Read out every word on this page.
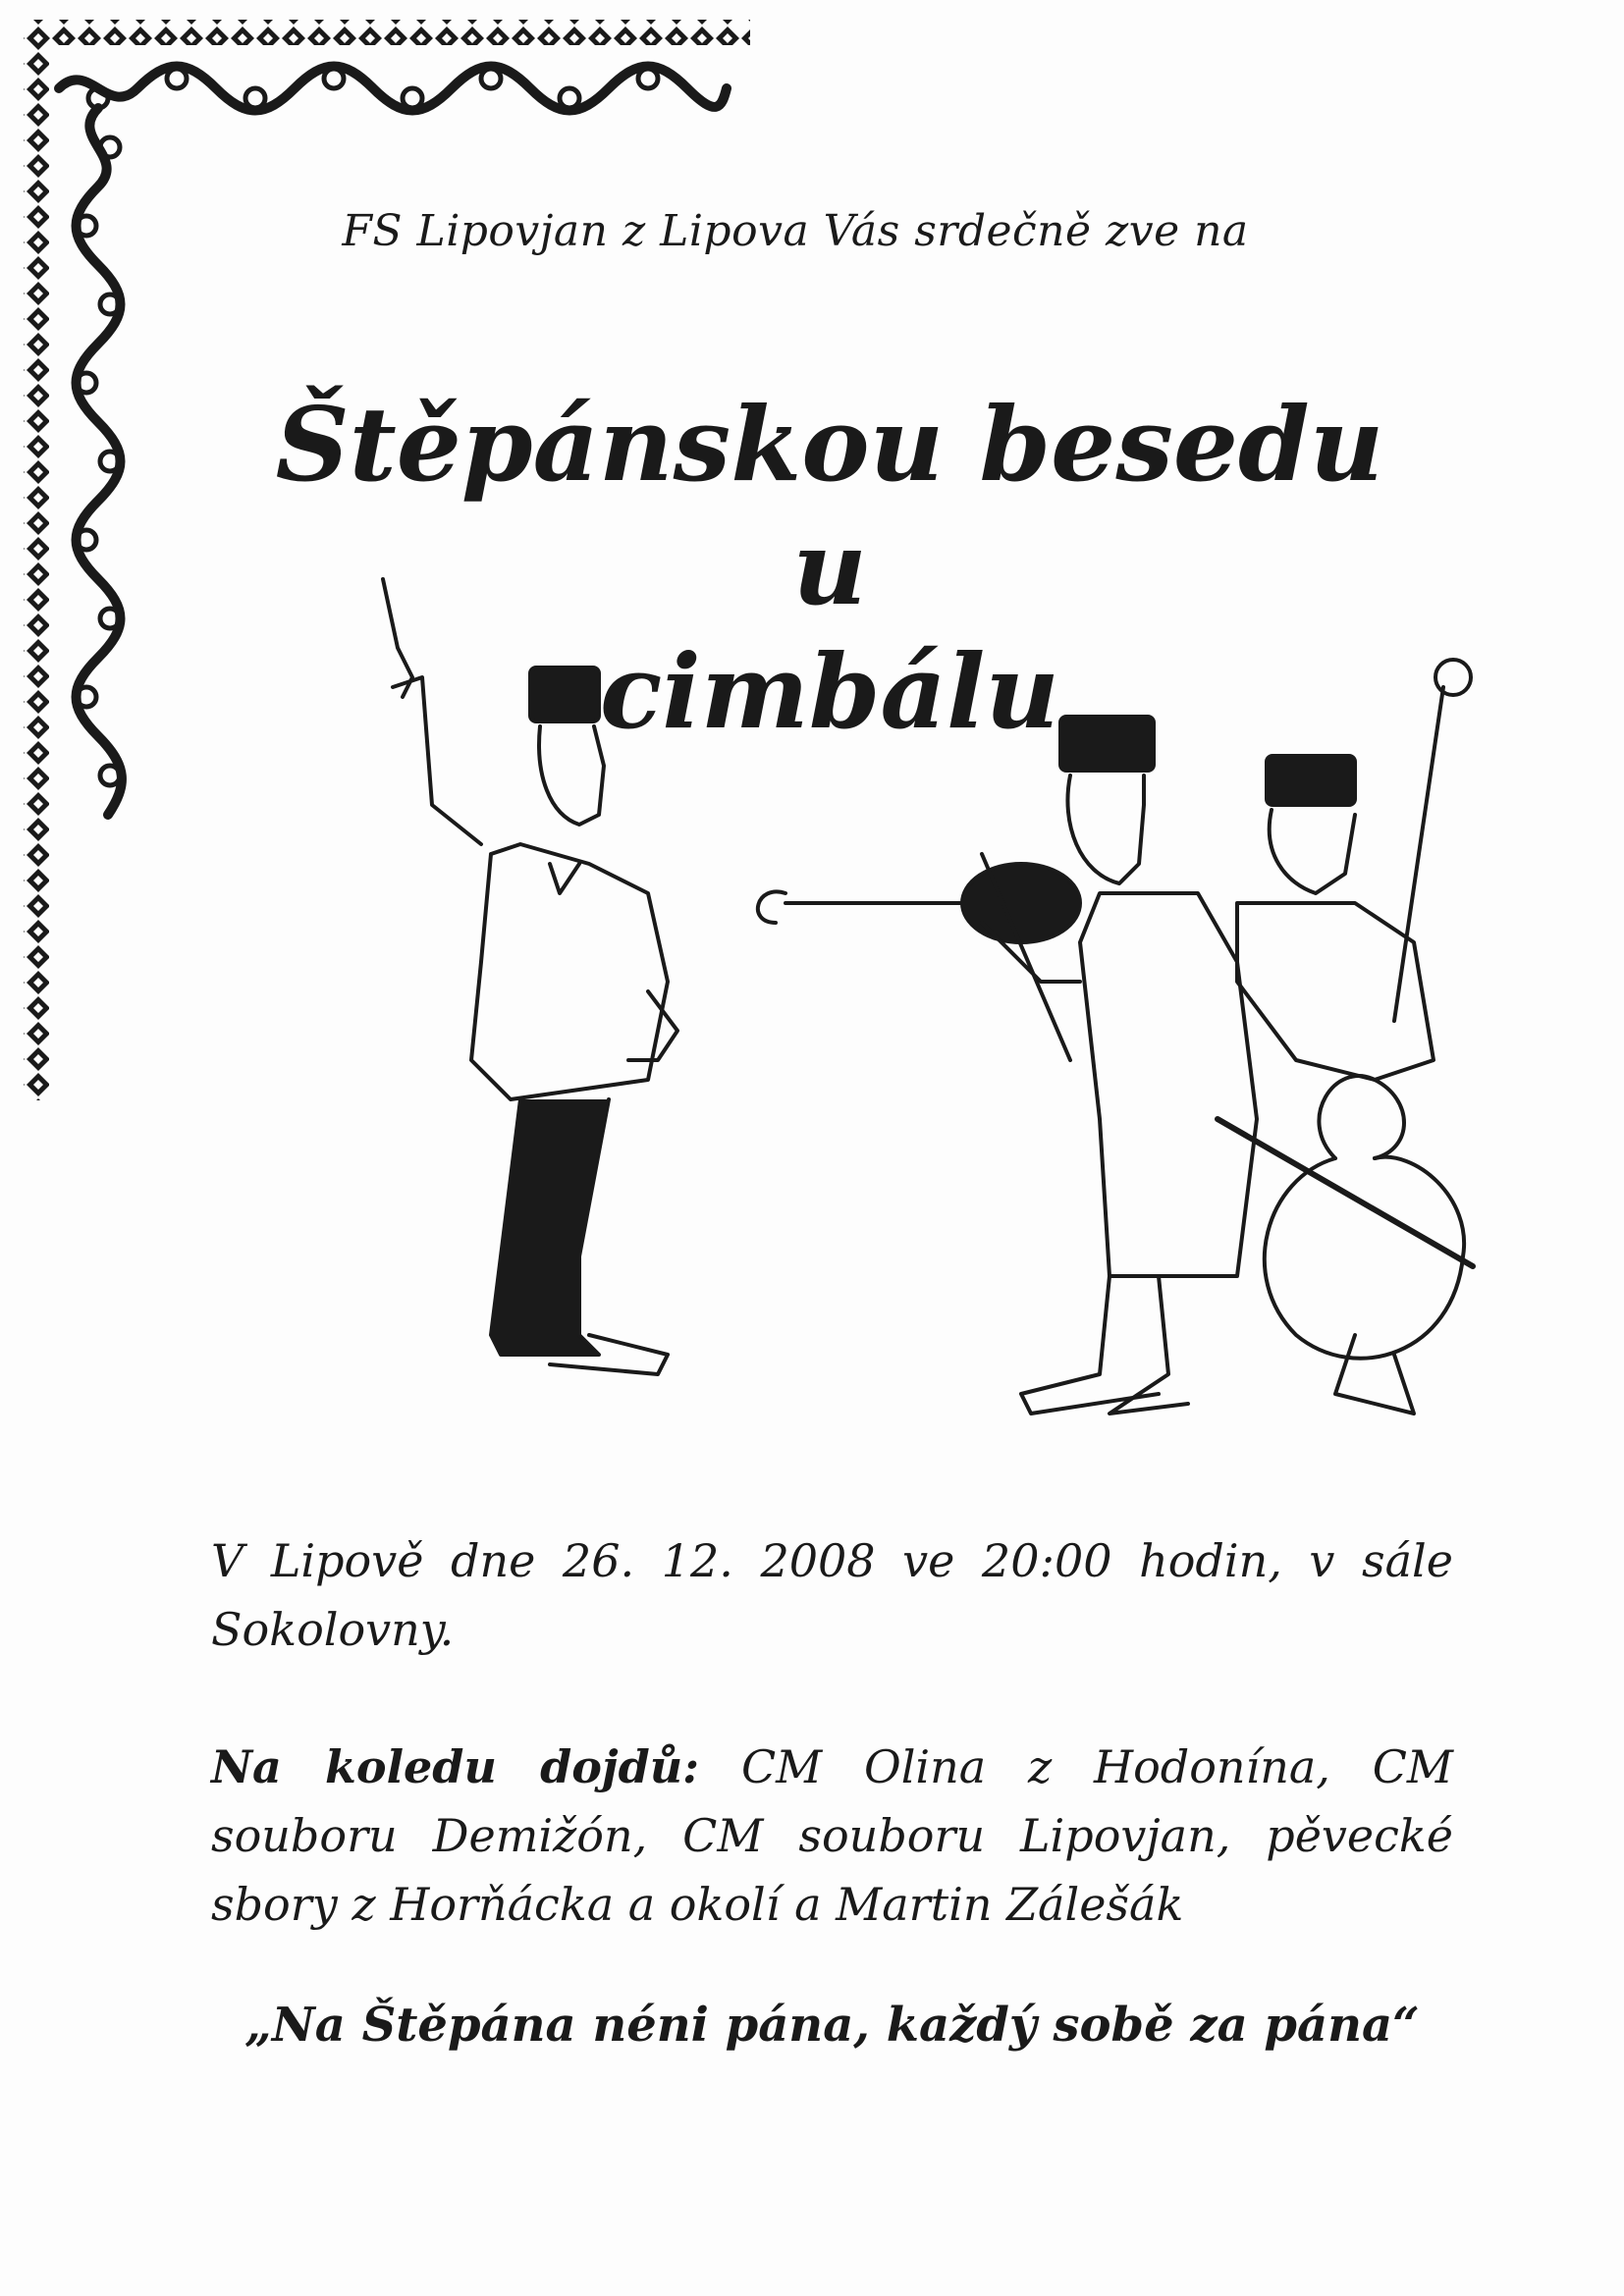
FS Lipovjan z Lipova Vás srdečně zve na
Štěpánskou besedu u
cimbálu
V Lipově dne 26. 12. 2008 ve 20:00 hodin, v sále Sokolovny.
Na koledu dojdů: CM Olina z Hodonína, CM souboru Demižón, CM souboru Lipovjan, pěvecké sbory z Horňácka a okolí a Martin Zálešák
„Na Štěpána néni pána, každý sobě za pána“
